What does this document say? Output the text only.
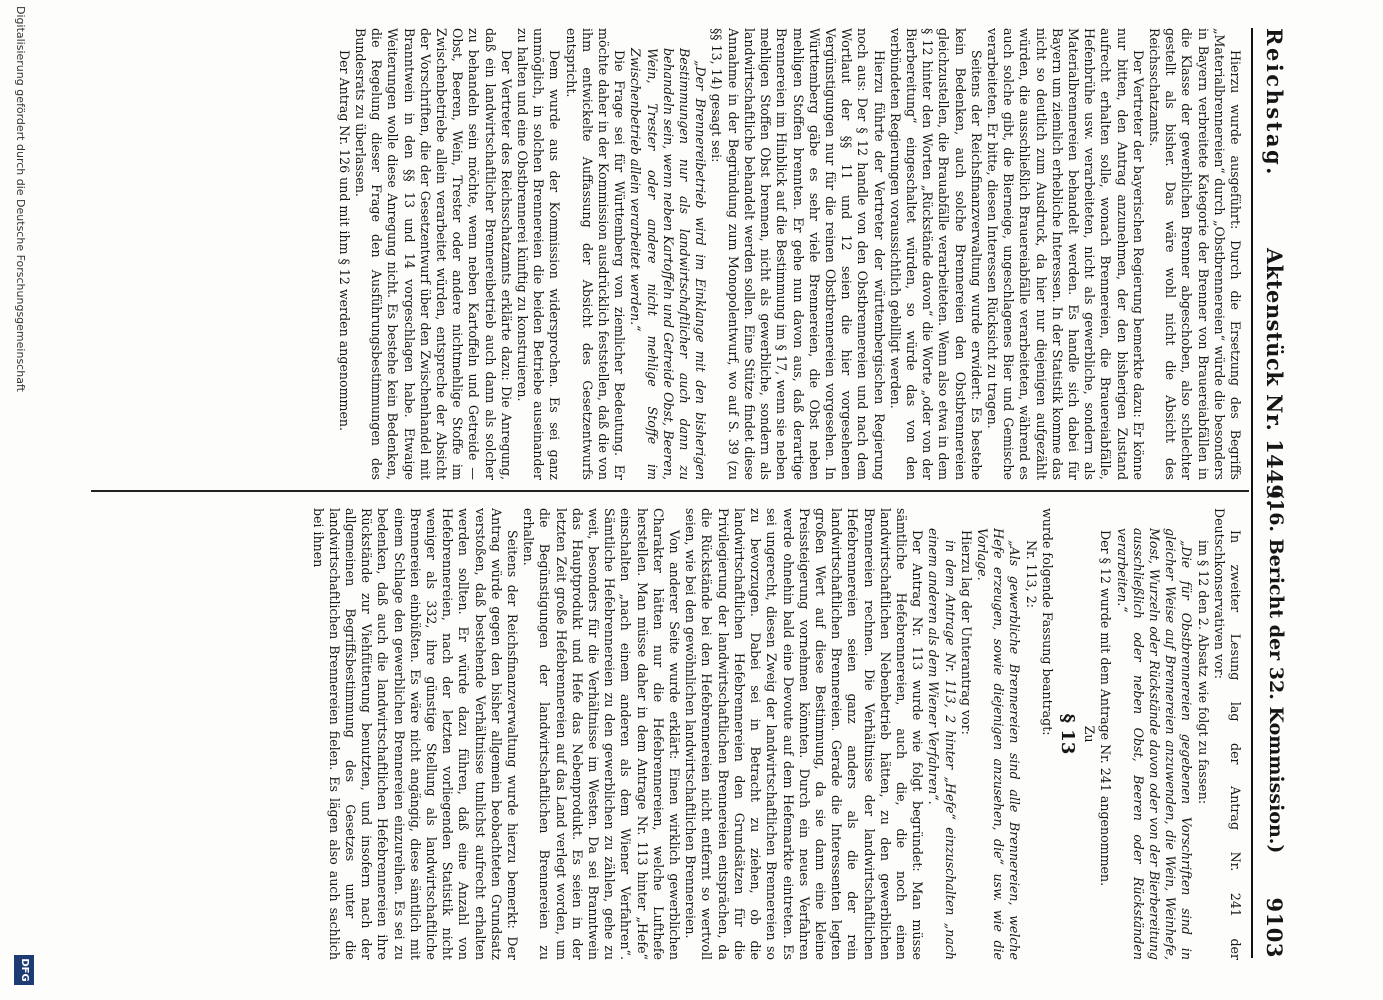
Reichstag.
Aktenstück Nr. 1449.
9103
(16. Bericht der 32. Kommission.)

Hierzu wurde ausgeführt: Durch die Ersetzung des Begriffs „Materialbrennereien“ durch „Obstbrennereien“ würde die besonders in Bayern verbreitete Kategorie der Brenner von Brauereiabfällen in die Klasse der gewerblichen Brenner abgeschoben, also schlechter gestellt als bisher. Das wäre wohl nicht die Absicht des Reichsschatzamts.

Der Vertreter der bayerischen Regierung bemerkte dazu: Er könne nur bitten, den Antrag anzunehmen, der den bisherigen Zustand aufrecht erhalten solle, wonach Brennereien, die Brauereiabfälle, Hefenbrühe usw. verarbeiteten, nicht als gewerbliche, sondern als Materialbrennereien behandelt werden. Es handle sich dabei für Bayern um ziemlich erhebliche Interessen. In der Statistik komme das nicht so deutlich zum Ausdruck, da hier nur diejenigen aufgezählt würden, die ausschließlich Brauereiabfälle verarbeiteten, während es auch solche gibt, die Bierneige, ungeschlagenes Bier und Gemische verarbeiteten. Er bitte, diesen Interessen Rücksicht zu tragen.

Seitens der Reichsfinanzverwaltung wurde erwidert: Es bestehe kein Bedenken, auch solche Brennereien den Obstbrennereien gleichzustellen, die Brauabfälle verarbeiteten. Wenn also etwa in dem § 12 hinter den Worten „Rückstände davon“ die Worte „oder von der Bierbereitung“ eingeschaltet würden, so würde das von den verbündeten Regierungen voraussichtlich gebilligt werden.

Hierzu führte der Vertreter der württembergischen Regierung noch aus: Der § 12 handle von den Obstbrennereien und nach dem Wortlaut der §§ 11 und 12 seien die hier vorgesehenen Vergünstigungen nur für die reinen Obstbrennereien vorgesehen. In Württemberg gäbe es sehr viele Brennereien, die Obst neben mehligen Stoffen brennten. Er gehe nun davon aus, daß derartige Brennereien im Hinblick auf die Bestimmung im § 17, wenn sie neben mehligen Stoffen Obst brennen, nicht als gewerbliche, sondern als landwirtschaftliche behandelt werden sollen. Eine Stütze findet diese Annahme in der Begründung zum Monopolentwurf, wo auf S. 39 (zu §§ 13, 14) gesagt sei:

„Der Brennereibetrieb wird im Einklange mit den bisherigen Bestimmungen nur als landwirtschaftlicher auch dann zu behandeln sein, wenn neben Kartoffeln und Getreide Obst, Beeren, Wein, Trester oder andere nicht mehlige Stoffe im Zwischenbetrieb allein verarbeitet werden.“

Die Frage sei für Württemberg von ziemlicher Bedeutung. Er möchte daher in der Kommission ausdrücklich feststellen, daß die von ihm entwickelte Auffassung der Absicht des Gesetzentwurfs entspricht.

Dem wurde aus der Kommission widersprochen. Es sei ganz unmöglich, in solchen Brennereien die beiden Betriebe auseinander zu halten und eine Obstbrennerei künftig zu konstruieren.

Der Vertreter des Reichsschatzamts erklärte dazu: Die Anregung, daß ein landwirtschaftlicher Brennereibetrieb auch dann als solcher zu behandeln sein möchte, wenn neben Kartoffeln und Getreide — Obst, Beeren, Wein, Trester oder andere nichtmehlige Stoffe im Zwischenbetriebe allein verarbeitet würden, entspreche der Absicht der Vorschriften, die der Gesetzentwurf über den Zwischenhandel mit Branntwein in den §§ 13 und 14 vorgeschlagen habe. Etwaige Weiterungen wolle diese Anregung nicht. Es bestehe kein Bedenken, die Regelung dieser Frage den Ausführungsbestimmungen des Bundesrats zu überlassen.

Der Antrag Nr. 126 und mit ihm § 12 werden angenommen.

In zweiter Lesung lag der Antrag Nr. 241 der Deutschkonservativen vor:

im § 12 den 2. Absatz wie folgt zu fassen:

„Die für Obstbrennereien gegebenen Vorschriften sind in gleicher Weise auf Brennereien anzuwenden, die Wein, Weinhefe, Most, Wurzeln oder Rückstände davon oder von der Bierbereitung ausschließlich oder neben Obst, Beeren oder Rückständen verarbeiten.“

Der § 12 wurde mit dem Antrage Nr. 241 angenommen.

Zu

§ 13

wurde folgende Fassung beantragt:

Nr. 113, 2:

„Als gewerbliche Brennereien sind alle Brennereien, welche Hefe erzeugen, sowie diejenigen anzusehen, die“ usw. wie die Vorlage.

Hierzu lag der Unterantrag vor:

in dem Antrage Nr. 113, 2 hinter „Hefe“ einzuschalten „nach einem anderen als dem Wiener Verfahren“.

Der Antrag Nr. 113 wurde wie folgt begründet: Man müsse sämtliche Hefebrennereien, auch die, die noch einen landwirtschaftlichen Nebenbetrieb hätten, zu den gewerblichen Brennereien rechnen. Die Verhältnisse der landwirtschaftlichen Hefebrennereien seien ganz anders als die der rein landwirtschaftlichen Brennereien. Gerade die Interessenten legten großen Wert auf diese Bestimmung, da sie dann eine kleine Preissteigerung vornehmen könnten. Durch ein neues Verfahren werde ohnehin bald eine Devoute auf dem Hefemarkte eintreten. Es sei ungerecht, diesen Zweig der landwirtschaftlichen Brennereien so zu bevorzugen. Dabei sei in Betracht zu ziehen, ob die landwirtschaftlichen Hefebrennereien den Grundsätzen für die Privilegierung der landwirtschaftlichen Brennereien entsprächen, da die Rückstände bei den Hefebrennereien nicht entfernt so wertvoll seien, wie bei den gewöhnlichen landwirtschaftlichen Brennereien.

Von anderer Seite wurde erklärt: Einen wirklich gewerblichen Charakter hätten nur die Hefebrennereien, welche Lufthefe herstellen. Man müsse daher in dem Antrage Nr. 113 hinter „Hefe“ einschalten „nach einem anderen als dem Wiener Verfahren“. Sämtliche Hefebrennereien zu den gewerblichen zu zählen, gehe zu weit, besonders für die Verhältnisse im Westen. Da sei Branntwein das Hauptprodukt und Hefe das Nebenprodukt. Es seien in der letzten Zeit große Hefebrennereien auf das Land verlegt worden, um die Begünstigungen der landwirtschaftlichen Brennereien zu erhalten.

Seitens der Reichsfinanzverwaltung wurde hierzu bemerkt: Der Antrag würde gegen den bisher allgemein beobachteten Grundsatz verstoßen, daß bestehende Verhältnisse tunlichst aufrecht erhalten werden sollten. Er würde dazu führen, daß eine Anzahl von Hefebrennereien, nach der letzten vorliegenden Statistik nicht weniger als 332, ihre günstige Stellung als landwirtschaftliche Brennereien einbüßten. Es wäre nicht angängig, diese sämtlich mit einem Schlage den gewerblichen Brennereien einzureihen. Es sei zu bedenken, daß auch die landwirtschaftlichen Hefebrennereien ihre Rückstände zur Viehfütterung benutzten, und insofern nach der allgemeinen Begriffsbestimmung des Gesetzes unter die landwirtschaftlichen Brennereien fielen. Es lägen also auch sachlich bei ihnen

Digitalisierung gefördert durch die Deutsche Forschungsgemeinschaft
DFG
